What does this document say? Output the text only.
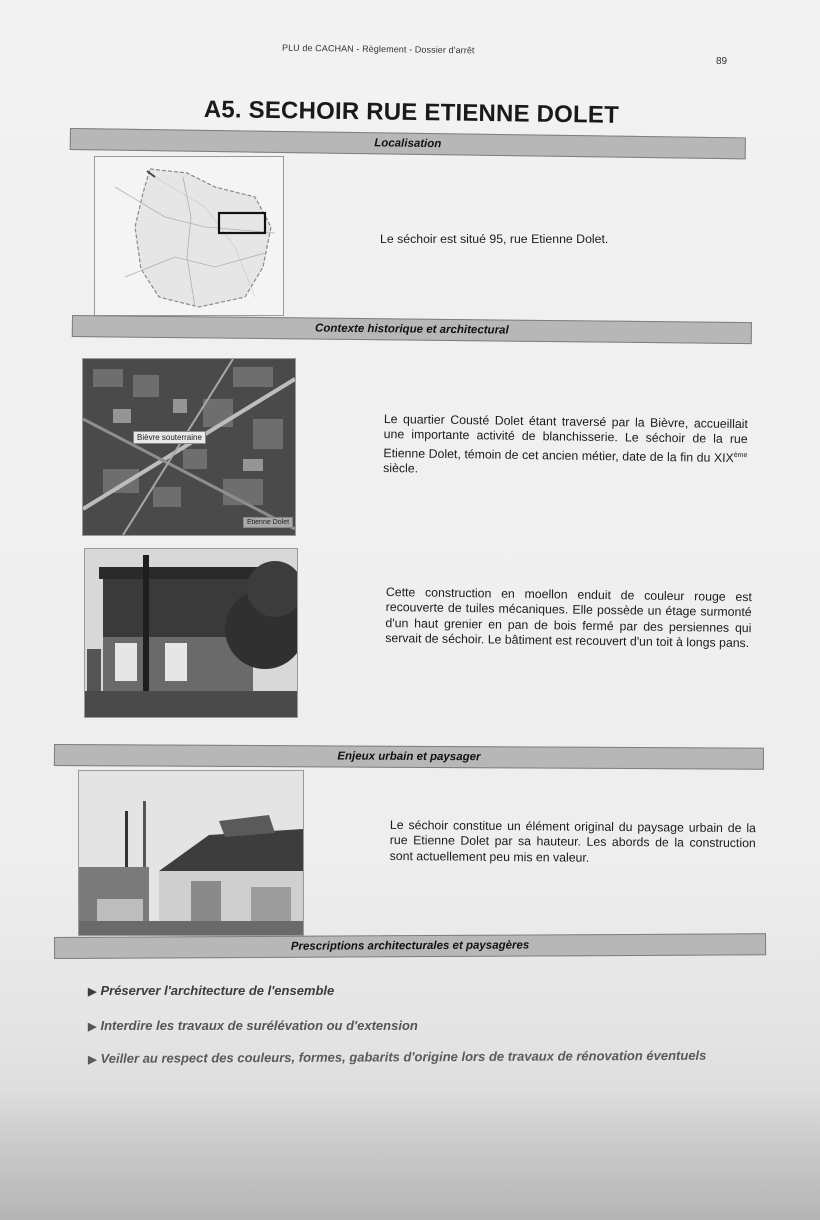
PLU de CACHAN - Règlement - Dossier d'arrêt
89
A5. SECHOIR RUE ETIENNE DOLET
Localisation

Le séchoir est situé 95, rue Etienne Dolet.

Contexte historique et architectural
Bièvre souterraine
Etienne Dolet

Le quartier Cousté Dolet étant traversé par la Bièvre, accueillait une importante activité de blanchisserie. Le séchoir de la rue Etienne Dolet, témoin de cet ancien métier, date de la fin du XIXème siècle.

Cette construction en moellon enduit de couleur rouge est recouverte de tuiles mécaniques. Elle possède un étage surmonté d'un haut grenier en pan de bois fermé par des persiennes qui servait de séchoir. Le bâtiment est recouvert d'un toit à longs pans.

Enjeux urbain et paysager

Le séchoir constitue un élément original du paysage urbain de la rue Etienne Dolet par sa hauteur. Les abords de la construction sont actuellement peu mis en valeur.

Prescriptions architecturales et paysagères

▶ Préserver l'architecture de l'ensemble

▶ Interdire les travaux de surélévation ou d'extension

▶ Veiller au respect des couleurs, formes, gabarits d'origine lors de travaux de rénovation éventuels
